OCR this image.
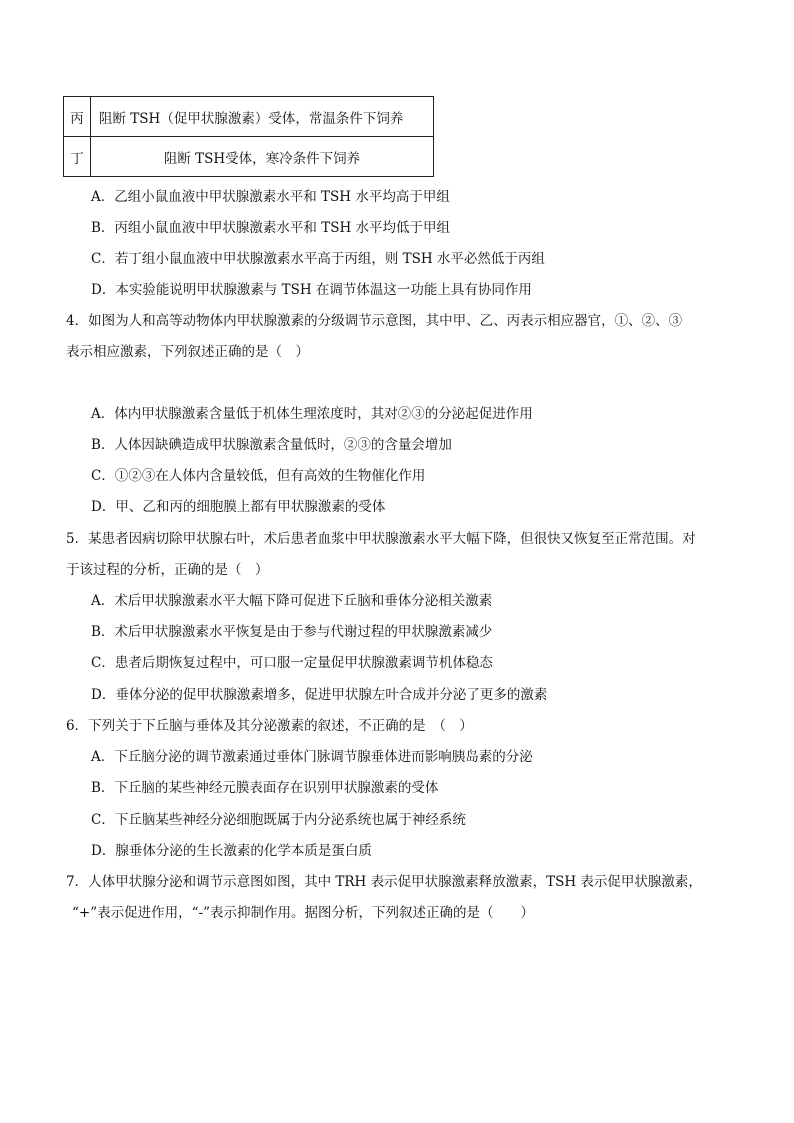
丙	阻断 TSH（促甲状腺激素）受体，常温条件下饲养
丁	阻断 TSH受体，寒冷条件下饲养
A．乙组小鼠血液中甲状腺激素水平和 TSH 水平均高于甲组
B．丙组小鼠血液中甲状腺激素水平和 TSH 水平均低于甲组
C．若丁组小鼠血液中甲状腺激素水平高于丙组，则 TSH 水平必然低于丙组
D．本实验能说明甲状腺激素与 TSH 在调节体温这一功能上具有协同作用
4．如图为人和高等动物体内甲状腺激素的分级调节示意图，其中甲、乙、丙表示相应器官，①、②、③
表示相应激素，下列叙述正确的是（　）
A．体内甲状腺激素含量低于机体生理浓度时，其对②③的分泌起促进作用
B．人体因缺碘造成甲状腺激素含量低时，②③的含量会增加
C．①②③在人体内含量较低，但有高效的生物催化作用
D．甲、乙和丙的细胞膜上都有甲状腺激素的受体
5．某患者因病切除甲状腺右叶，术后患者血浆中甲状腺激素水平大幅下降，但很快又恢复至正常范围。对
于该过程的分析，正确的是（　）
A．术后甲状腺激素水平大幅下降可促进下丘脑和垂体分泌相关激素
B．术后甲状腺激素水平恢复是由于参与代谢过程的甲状腺激素减少
C．患者后期恢复过程中，可口服一定量促甲状腺激素调节机体稳态
D．垂体分泌的促甲状腺激素增多，促进甲状腺左叶合成并分泌了更多的激素
6．下列关于下丘脑与垂体及其分泌激素的叙述，不正确的是　（　）
A．下丘脑分泌的调节激素通过垂体门脉调节腺垂体进而影响胰岛素的分泌
B．下丘脑的某些神经元膜表面存在识别甲状腺激素的受体
C．下丘脑某些神经分泌细胞既属于内分泌系统也属于神经系统
D．腺垂体分泌的生长激素的化学本质是蛋白质
7．人体甲状腺分泌和调节示意图如图，其中 TRH 表示促甲状腺激素释放激素，TSH 表示促甲状腺激素，
“+”表示促进作用，“-”表示抑制作用。据图分析，下列叙述正确的是（　　）
